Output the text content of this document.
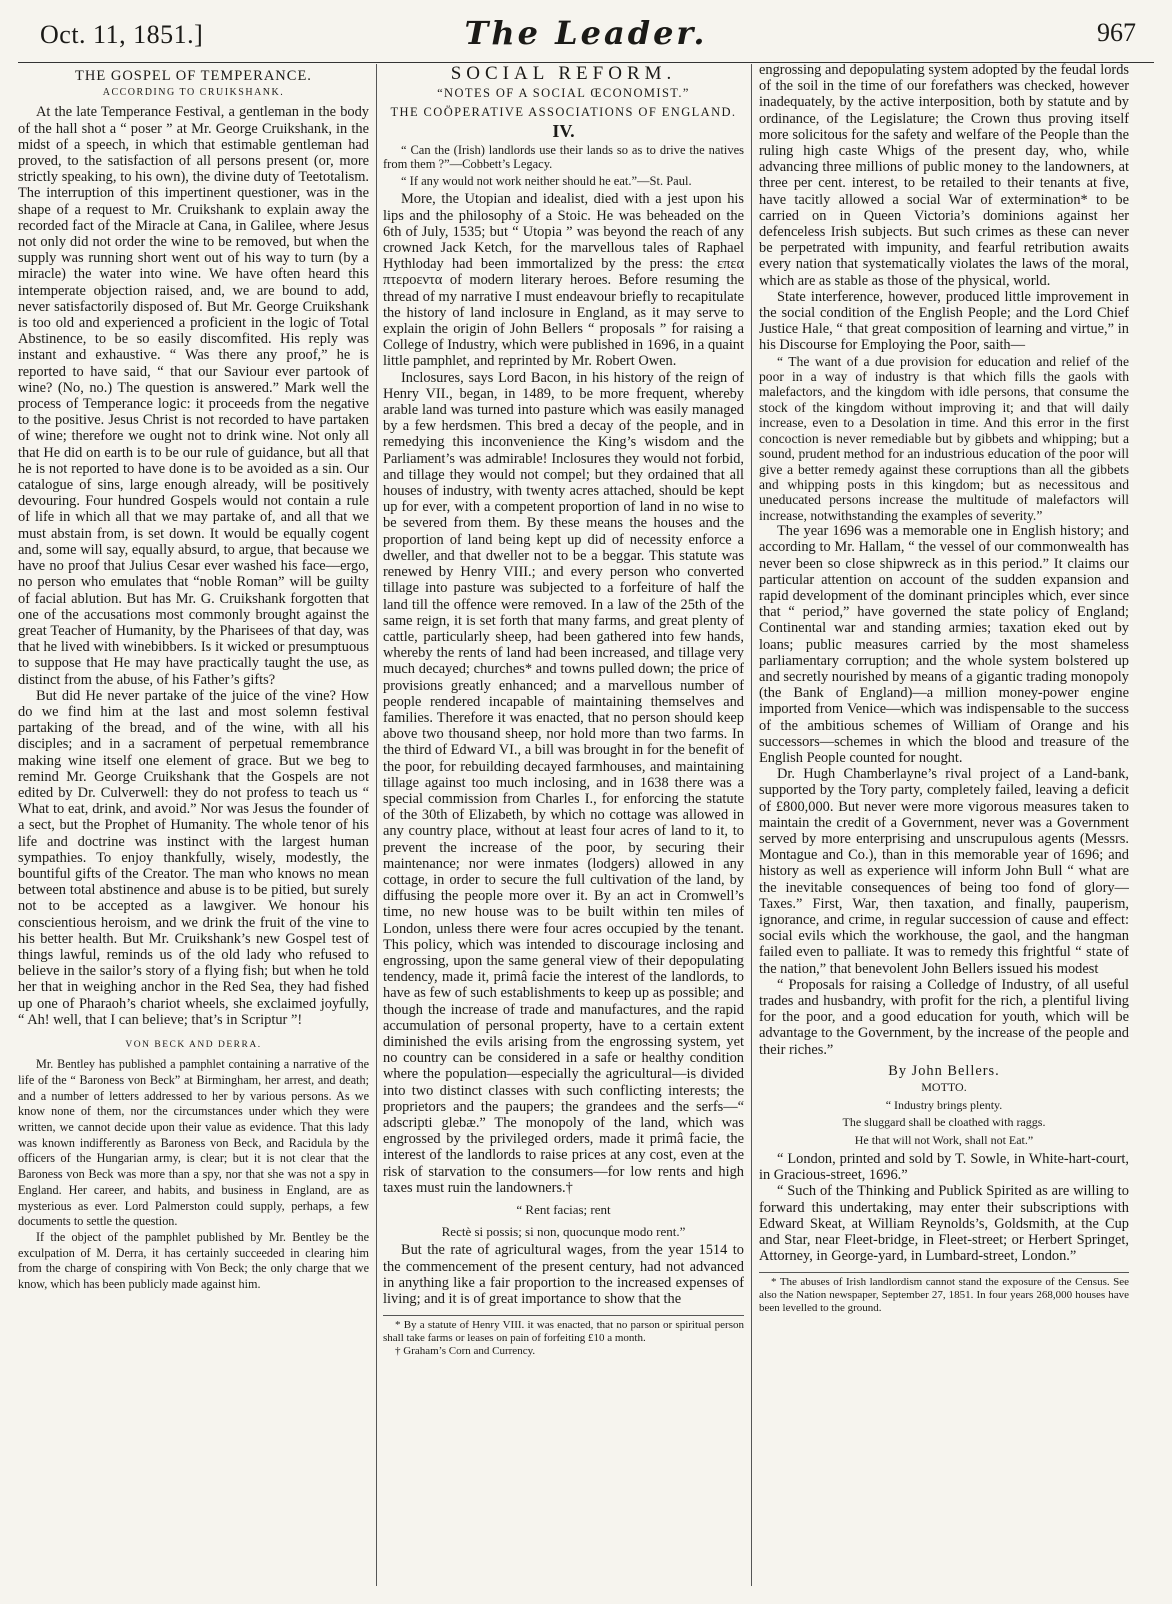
Oct. 11, 1851.]	The Leader.	967
THE GOSPEL OF TEMPERANCE.
ACCORDING TO CRUIKSHANK.

At the late Temperance Festival, a gentleman in the body of the hall shot a “ poser ” at Mr. George Cruikshank, in the midst of a speech, in which that estimable gentleman had proved, to the satisfaction of all persons present (or, more strictly speaking, to his own), the divine duty of Teetotalism. The interruption of this impertinent questioner, was in the shape of a request to Mr. Cruikshank to explain away the recorded fact of the Miracle at Cana, in Galilee, where Jesus not only did not order the wine to be removed, but when the supply was running short went out of his way to turn (by a miracle) the water into wine. We have often heard this intemperate objection raised, and, we are bound to add, never satisfactorily disposed of. But Mr. George Cruikshank is too old and experienced a proficient in the logic of Total Abstinence, to be so easily discomfited. His reply was instant and exhaustive. “ Was there any proof,” he is reported to have said, “ that our Saviour ever partook of wine? (No, no.) The question is answered.” Mark well the process of Temperance logic: it proceeds from the negative to the positive. Jesus Christ is not recorded to have partaken of wine; therefore we ought not to drink wine. Not only all that He did on earth is to be our rule of guidance, but all that he is not reported to have done is to be avoided as a sin. Our catalogue of sins, large enough already, will be positively devouring. Four hundred Gospels would not contain a rule of life in which all that we may partake of, and all that we must abstain from, is set down. It would be equally cogent and, some will say, equally absurd, to argue, that because we have no proof that Julius Cesar ever washed his face—ergo, no person who emulates that “noble Roman” will be guilty of facial ablution. But has Mr. G. Cruikshank forgotten that one of the accusations most commonly brought against the great Teacher of Humanity, by the Pharisees of that day, was that he lived with winebibbers. Is it wicked or presumptuous to suppose that He may have practically taught the use, as distinct from the abuse, of his Father’s gifts?

But did He never partake of the juice of the vine? How do we find him at the last and most solemn festival partaking of the bread, and of the wine, with all his disciples; and in a sacrament of perpetual remembrance making wine itself one element of grace. But we beg to remind Mr. George Cruikshank that the Gospels are not edited by Dr. Culverwell: they do not profess to teach us “ What to eat, drink, and avoid.” Nor was Jesus the founder of a sect, but the Prophet of Humanity. The whole tenor of his life and doctrine was instinct with the largest human sympathies. To enjoy thankfully, wisely, modestly, the bountiful gifts of the Creator. The man who knows no mean between total abstinence and abuse is to be pitied, but surely not to be accepted as a lawgiver. We honour his conscientious heroism, and we drink the fruit of the vine to his better health. But Mr. Cruikshank’s new Gospel test of things lawful, reminds us of the old lady who refused to believe in the sailor’s story of a flying fish; but when he told her that in weighing anchor in the Red Sea, they had fished up one of Pharaoh’s chariot wheels, she exclaimed joyfully, “ Ah! well, that I can believe; that’s in Scriptur ”!

VON BECK AND DERRA.

Mr. Bentley has published a pamphlet containing a narrative of the life of the “ Baroness von Beck” at Birmingham, her arrest, and death; and a number of letters addressed to her by various persons. As we know none of them, nor the circumstances under which they were written, we cannot decide upon their value as evidence. That this lady was known indifferently as Baroness von Beck, and Racidula by the officers of the Hungarian army, is clear; but it is not clear that the Baroness von Beck was more than a spy, nor that she was not a spy in England. Her career, and habits, and business in England, are as mysterious as ever. Lord Palmerston could supply, perhaps, a few documents to settle the question.

If the object of the pamphlet published by Mr. Bentley be the exculpation of M. Derra, it has certainly succeeded in clearing him from the charge of conspiring with Von Beck; the only charge that we know, which has been publicly made against him.

SOCIAL REFORM.
“NOTES OF A SOCIAL ŒCONOMIST.”
THE COÖPERATIVE ASSOCIATIONS OF ENGLAND.
IV.

“ Can the (Irish) landlords use their lands so as to drive the natives from them ?”—Cobbett’s Legacy.

“ If any would not work neither should he eat.”—St. Paul.

More, the Utopian and idealist, died with a jest upon his lips and the philosophy of a Stoic. He was beheaded on the 6th of July, 1535; but “ Utopia ” was beyond the reach of any crowned Jack Ketch, for the marvellous tales of Raphael Hythloday had been immortalized by the press: the επεα πτεροεντα of modern literary heroes. Before resuming the thread of my narrative I must endeavour briefly to recapitulate the history of land inclosure in England, as it may serve to explain the origin of John Bellers “ proposals ” for raising a College of Industry, which were published in 1696, in a quaint little pamphlet, and reprinted by Mr. Robert Owen.

Inclosures, says Lord Bacon, in his history of the reign of Henry VII., began, in 1489, to be more frequent, whereby arable land was turned into pasture which was easily managed by a few herdsmen. This bred a decay of the people, and in remedying this inconvenience the King’s wisdom and the Parliament’s was admirable! Inclosures they would not forbid, and tillage they would not compel; but they ordained that all houses of industry, with twenty acres attached, should be kept up for ever, with a competent proportion of land in no wise to be severed from them. By these means the houses and the proportion of land being kept up did of necessity enforce a dweller, and that dweller not to be a beggar. This statute was renewed by Henry VIII.; and every person who converted tillage into pasture was subjected to a forfeiture of half the land till the offence were removed. In a law of the 25th of the same reign, it is set forth that many farms, and great plenty of cattle, particularly sheep, had been gathered into few hands, whereby the rents of land had been increased, and tillage very much decayed; churches* and towns pulled down; the price of provisions greatly enhanced; and a marvellous number of people rendered incapable of maintaining themselves and families. Therefore it was enacted, that no person should keep above two thousand sheep, nor hold more than two farms. In the third of Edward VI., a bill was brought in for the benefit of the poor, for rebuilding decayed farmhouses, and maintaining tillage against too much inclosing, and in 1638 there was a special commission from Charles I., for enforcing the statute of the 30th of Elizabeth, by which no cottage was allowed in any country place, without at least four acres of land to it, to prevent the increase of the poor, by securing their maintenance; nor were inmates (lodgers) allowed in any cottage, in order to secure the full cultivation of the land, by diffusing the people more over it. By an act in Cromwell’s time, no new house was to be built within ten miles of London, unless there were four acres occupied by the tenant. This policy, which was intended to discourage inclosing and engrossing, upon the same general view of their depopulating tendency, made it, primâ facie the interest of the landlords, to have as few of such establishments to keep up as possible; and though the increase of trade and manufactures, and the rapid accumulation of personal property, have to a certain extent diminished the evils arising from the engrossing system, yet no country can be considered in a safe or healthy condition where the population—especially the agricultural—is divided into two distinct classes with such conflicting interests; the proprietors and the paupers; the grandees and the serfs—“ adscripti glebæ.” The monopoly of the land, which was engrossed by the privileged orders, made it primâ facie, the interest of the landlords to raise prices at any cost, even at the risk of starvation to the consumers—for low rents and high taxes must ruin the landowners.†

“ Rent facias; rent
Rectè si possis; si non, quocunque modo rent.”

But the rate of agricultural wages, from the year 1514 to the commencement of the present century, had not advanced in anything like a fair proportion to the increased expenses of living; and it is of great importance to show that the

* By a statute of Henry VIII. it was enacted, that no parson or spiritual person shall take farms or leases on pain of forfeiting £10 a month.

† Graham’s Corn and Currency.

engrossing and depopulating system adopted by the feudal lords of the soil in the time of our forefathers was checked, however inadequately, by the active interposition, both by statute and by ordinance, of the Legislature; the Crown thus proving itself more solicitous for the safety and welfare of the People than the ruling high caste Whigs of the present day, who, while advancing three millions of public money to the landowners, at three per cent. interest, to be retailed to their tenants at five, have tacitly allowed a social War of extermination* to be carried on in Queen Victoria’s dominions against her defenceless Irish subjects. But such crimes as these can never be perpetrated with impunity, and fearful retribution awaits every nation that systematically violates the laws of the moral, which are as stable as those of the physical, world.

State interference, however, produced little improvement in the social condition of the English People; and the Lord Chief Justice Hale, “ that great composition of learning and virtue,” in his Discourse for Employing the Poor, saith—

“ The want of a due provision for education and relief of the poor in a way of industry is that which fills the gaols with malefactors, and the kingdom with idle persons, that consume the stock of the kingdom without improving it; and that will daily increase, even to a Desolation in time. And this error in the first concoction is never remediable but by gibbets and whipping; but a sound, prudent method for an industrious education of the poor will give a better remedy against these corruptions than all the gibbets and whipping posts in this kingdom; but as necessitous and uneducated persons increase the multitude of malefactors will increase, notwithstanding the examples of severity.”

The year 1696 was a memorable one in English history; and according to Mr. Hallam, “ the vessel of our commonwealth has never been so close shipwreck as in this period.” It claims our particular attention on account of the sudden expansion and rapid development of the dominant principles which, ever since that “ period,” have governed the state policy of England; Continental war and standing armies; taxation eked out by loans; public measures carried by the most shameless parliamentary corruption; and the whole system bolstered up and secretly nourished by means of a gigantic trading monopoly (the Bank of England)—a million money-power engine imported from Venice—which was indispensable to the success of the ambitious schemes of William of Orange and his successors—schemes in which the blood and treasure of the English People counted for nought.

Dr. Hugh Chamberlayne’s rival project of a Land-bank, supported by the Tory party, completely failed, leaving a deficit of £800,000. But never were more vigorous measures taken to maintain the credit of a Government, never was a Government served by more enterprising and unscrupulous agents (Messrs. Montague and Co.), than in this memorable year of 1696; and history as well as experience will inform John Bull “ what are the inevitable consequences of being too fond of glory—Taxes.” First, War, then taxation, and finally, pauperism, ignorance, and crime, in regular succession of cause and effect: social evils which the workhouse, the gaol, and the hangman failed even to palliate. It was to remedy this frightful “ state of the nation,” that benevolent John Bellers issued his modest

“ Proposals for raising a Colledge of Industry, of all useful trades and husbandry, with profit for the rich, a plentiful living for the poor, and a good education for youth, which will be advantage to the Government, by the increase of the people and their riches.”

By John Bellers.
MOTTO.
“ Industry brings plenty.
The sluggard shall be cloathed with raggs.
He that will not Work, shall not Eat.”

“ London, printed and sold by T. Sowle, in White-hart-court, in Gracious-street, 1696.”

“ Such of the Thinking and Publick Spirited as are willing to forward this undertaking, may enter their subscriptions with Edward Skeat, at William Reynolds’s, Goldsmith, at the Cup and Star, near Fleet-bridge, in Fleet-street; or Herbert Springet, Attorney, in George-yard, in Lumbard-street, London.”

* The abuses of Irish landlordism cannot stand the exposure of the Census. See also the Nation newspaper, September 27, 1851. In four years 268,000 houses have been levelled to the ground.
